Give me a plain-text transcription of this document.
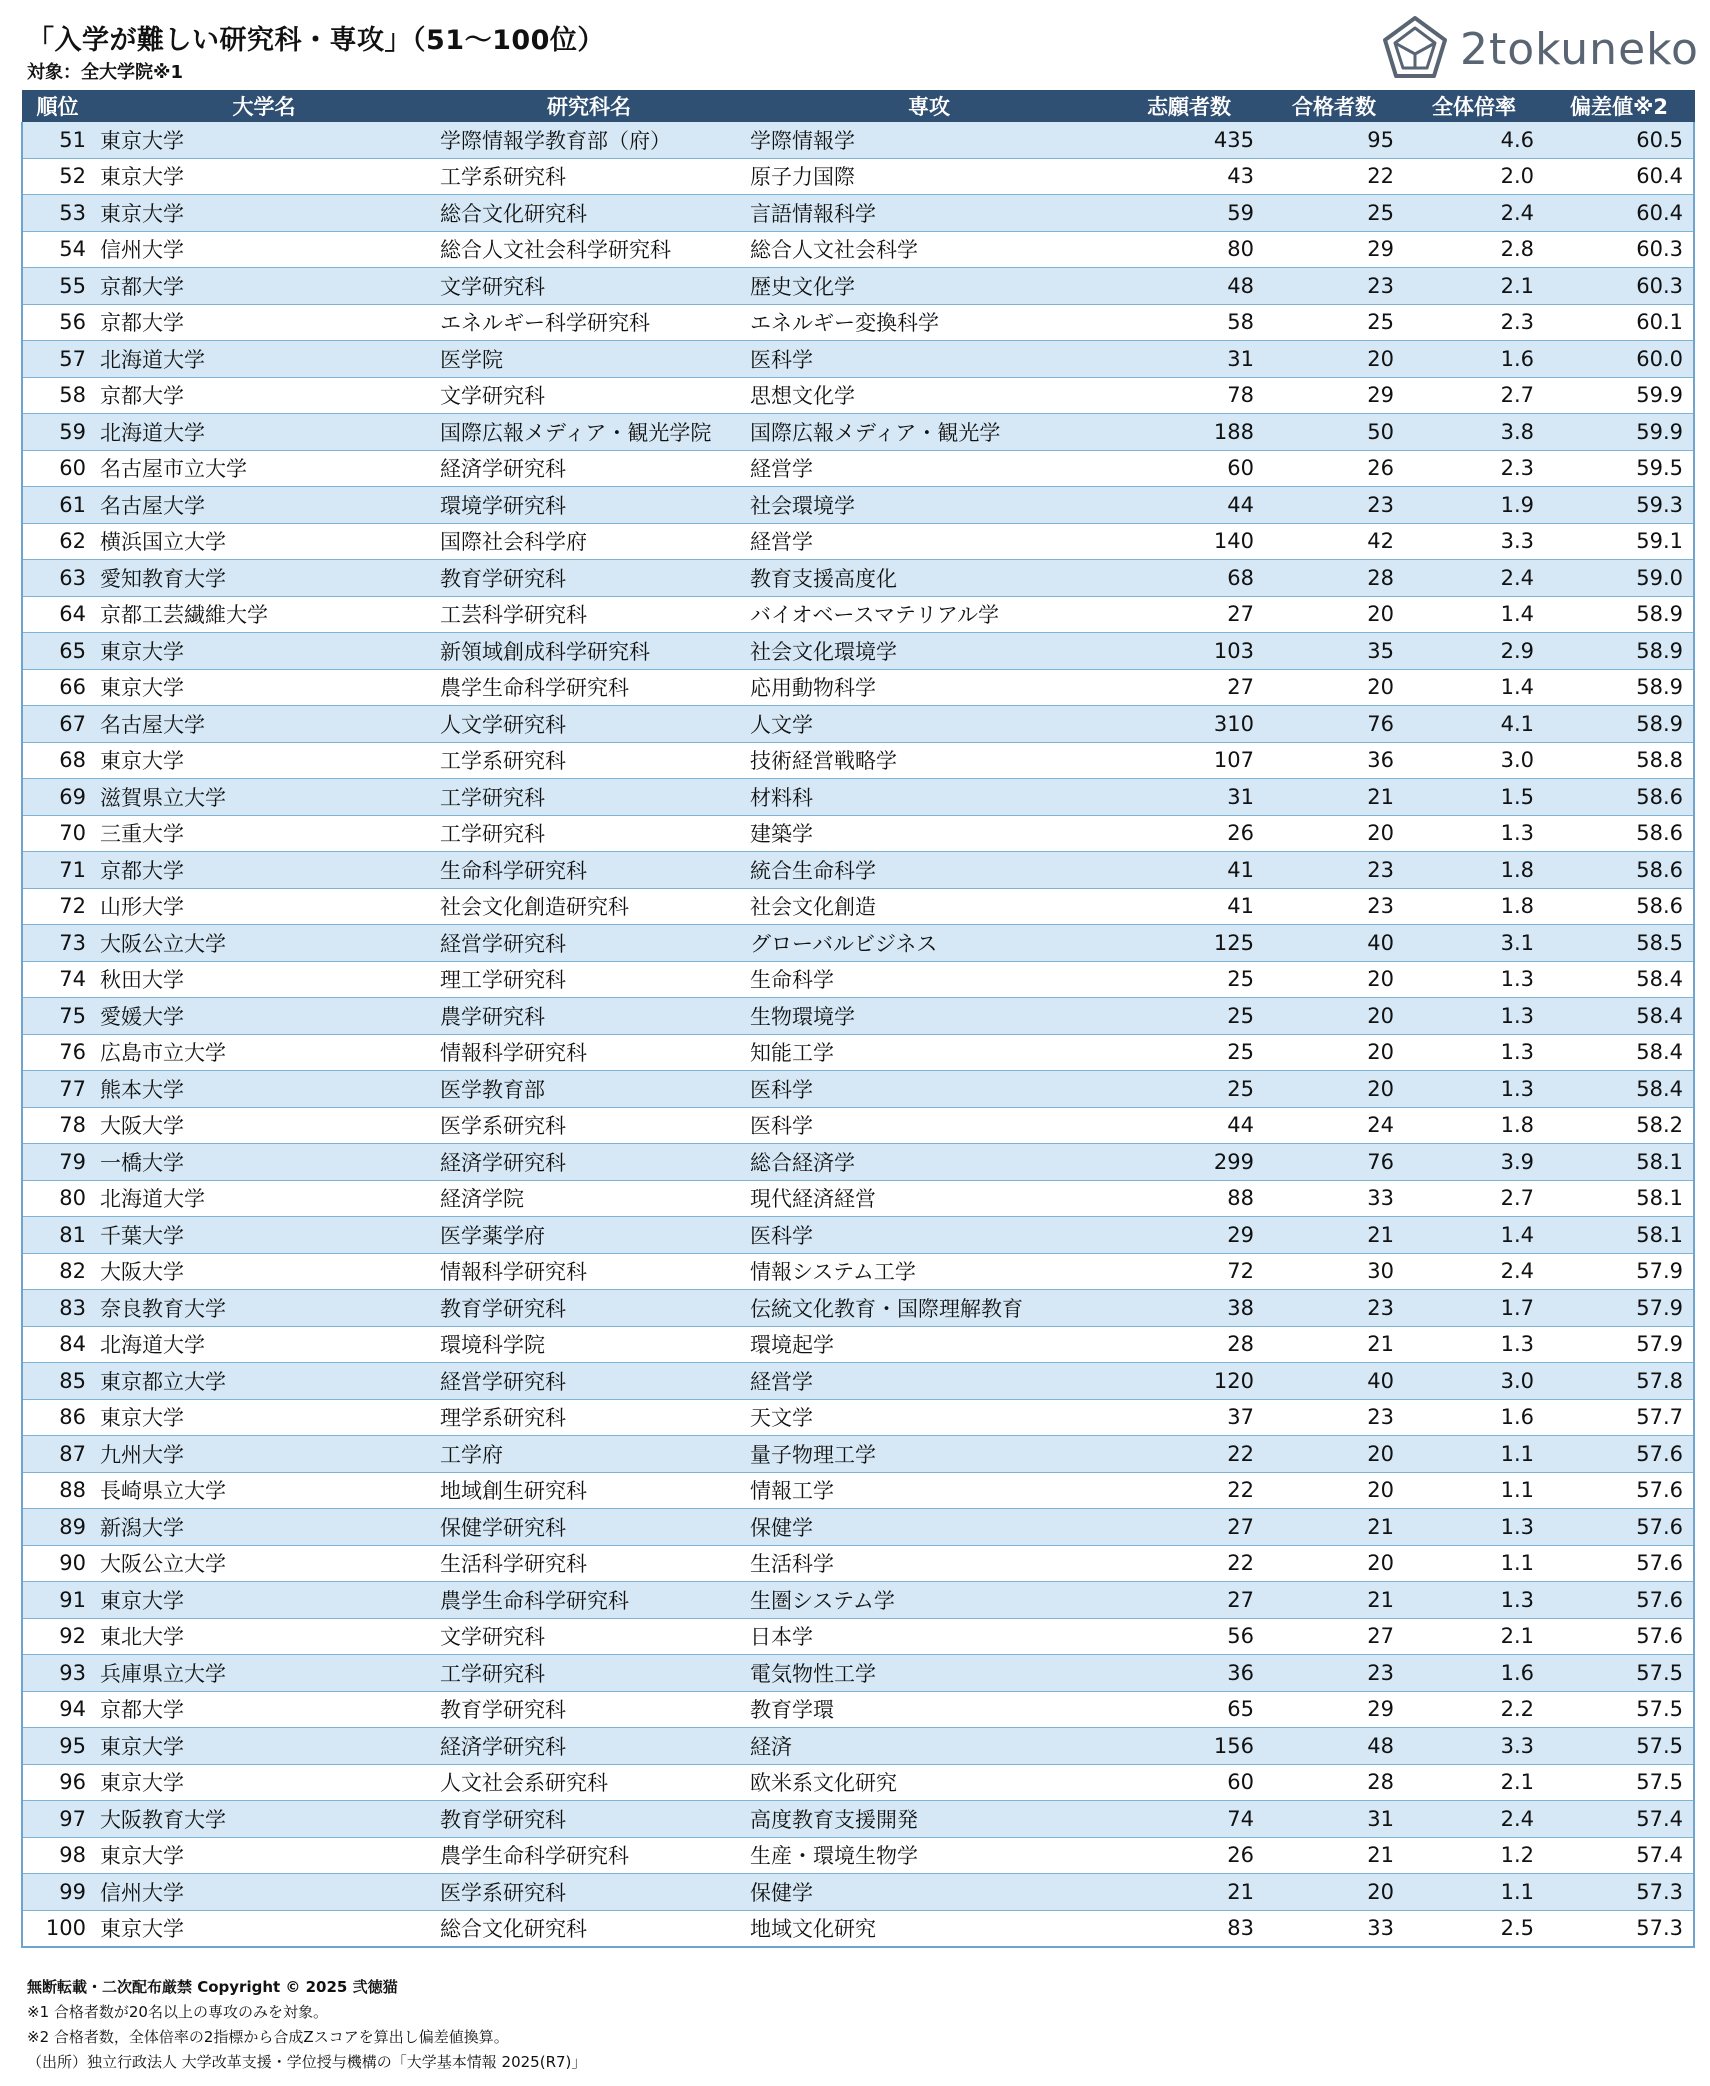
「入学が難しい研究科・専攻」（51～100位）
対象：全大学院※1	2tokuneko
順位	大学名	研究科名	専攻	志願者数	合格者数	全体倍率	偏差値※2
51	東京大学	学際情報学教育部（府）	学際情報学	435	95	4.6	60.5
52	東京大学	工学系研究科	原子力国際	43	22	2.0	60.4
53	東京大学	総合文化研究科	言語情報科学	59	25	2.4	60.4
54	信州大学	総合人文社会科学研究科	総合人文社会科学	80	29	2.8	60.3
55	京都大学	文学研究科	歴史文化学	48	23	2.1	60.3
56	京都大学	エネルギー科学研究科	エネルギー変換科学	58	25	2.3	60.1
57	北海道大学	医学院	医科学	31	20	1.6	60.0
58	京都大学	文学研究科	思想文化学	78	29	2.7	59.9
59	北海道大学	国際広報メディア・観光学院	国際広報メディア・観光学	188	50	3.8	59.9
60	名古屋市立大学	経済学研究科	経営学	60	26	2.3	59.5
61	名古屋大学	環境学研究科	社会環境学	44	23	1.9	59.3
62	横浜国立大学	国際社会科学府	経営学	140	42	3.3	59.1
63	愛知教育大学	教育学研究科	教育支援高度化	68	28	2.4	59.0
64	京都工芸繊維大学	工芸科学研究科	バイオベースマテリアル学	27	20	1.4	58.9
65	東京大学	新領域創成科学研究科	社会文化環境学	103	35	2.9	58.9
66	東京大学	農学生命科学研究科	応用動物科学	27	20	1.4	58.9
67	名古屋大学	人文学研究科	人文学	310	76	4.1	58.9
68	東京大学	工学系研究科	技術経営戦略学	107	36	3.0	58.8
69	滋賀県立大学	工学研究科	材料科	31	21	1.5	58.6
70	三重大学	工学研究科	建築学	26	20	1.3	58.6
71	京都大学	生命科学研究科	統合生命科学	41	23	1.8	58.6
72	山形大学	社会文化創造研究科	社会文化創造	41	23	1.8	58.6
73	大阪公立大学	経営学研究科	グローバルビジネス	125	40	3.1	58.5
74	秋田大学	理工学研究科	生命科学	25	20	1.3	58.4
75	愛媛大学	農学研究科	生物環境学	25	20	1.3	58.4
76	広島市立大学	情報科学研究科	知能工学	25	20	1.3	58.4
77	熊本大学	医学教育部	医科学	25	20	1.3	58.4
78	大阪大学	医学系研究科	医科学	44	24	1.8	58.2
79	一橋大学	経済学研究科	総合経済学	299	76	3.9	58.1
80	北海道大学	経済学院	現代経済経営	88	33	2.7	58.1
81	千葉大学	医学薬学府	医科学	29	21	1.4	58.1
82	大阪大学	情報科学研究科	情報システム工学	72	30	2.4	57.9
83	奈良教育大学	教育学研究科	伝統文化教育・国際理解教育	38	23	1.7	57.9
84	北海道大学	環境科学院	環境起学	28	21	1.3	57.9
85	東京都立大学	経営学研究科	経営学	120	40	3.0	57.8
86	東京大学	理学系研究科	天文学	37	23	1.6	57.7
87	九州大学	工学府	量子物理工学	22	20	1.1	57.6
88	長崎県立大学	地域創生研究科	情報工学	22	20	1.1	57.6
89	新潟大学	保健学研究科	保健学	27	21	1.3	57.6
90	大阪公立大学	生活科学研究科	生活科学	22	20	1.1	57.6
91	東京大学	農学生命科学研究科	生圏システム学	27	21	1.3	57.6
92	東北大学	文学研究科	日本学	56	27	2.1	57.6
93	兵庫県立大学	工学研究科	電気物性工学	36	23	1.6	57.5
94	京都大学	教育学研究科	教育学環	65	29	2.2	57.5
95	東京大学	経済学研究科	経済	156	48	3.3	57.5
96	東京大学	人文社会系研究科	欧米系文化研究	60	28	2.1	57.5
97	大阪教育大学	教育学研究科	高度教育支援開発	74	31	2.4	57.4
98	東京大学	農学生命科学研究科	生産・環境生物学	26	21	1.2	57.4
99	信州大学	医学系研究科	保健学	21	20	1.1	57.3
100	東京大学	総合文化研究科	地域文化研究	83	33	2.5	57.3
無断転載・二次配布厳禁 Copyright © 2025 弐徳猫
※1 合格者数が20名以上の専攻のみを対象。
※2 合格者数，全体倍率の2指標から合成Zスコアを算出し偏差値換算。
（出所）独立行政法人 大学改革支援・学位授与機構の「大学基本情報 2025(R7)」
